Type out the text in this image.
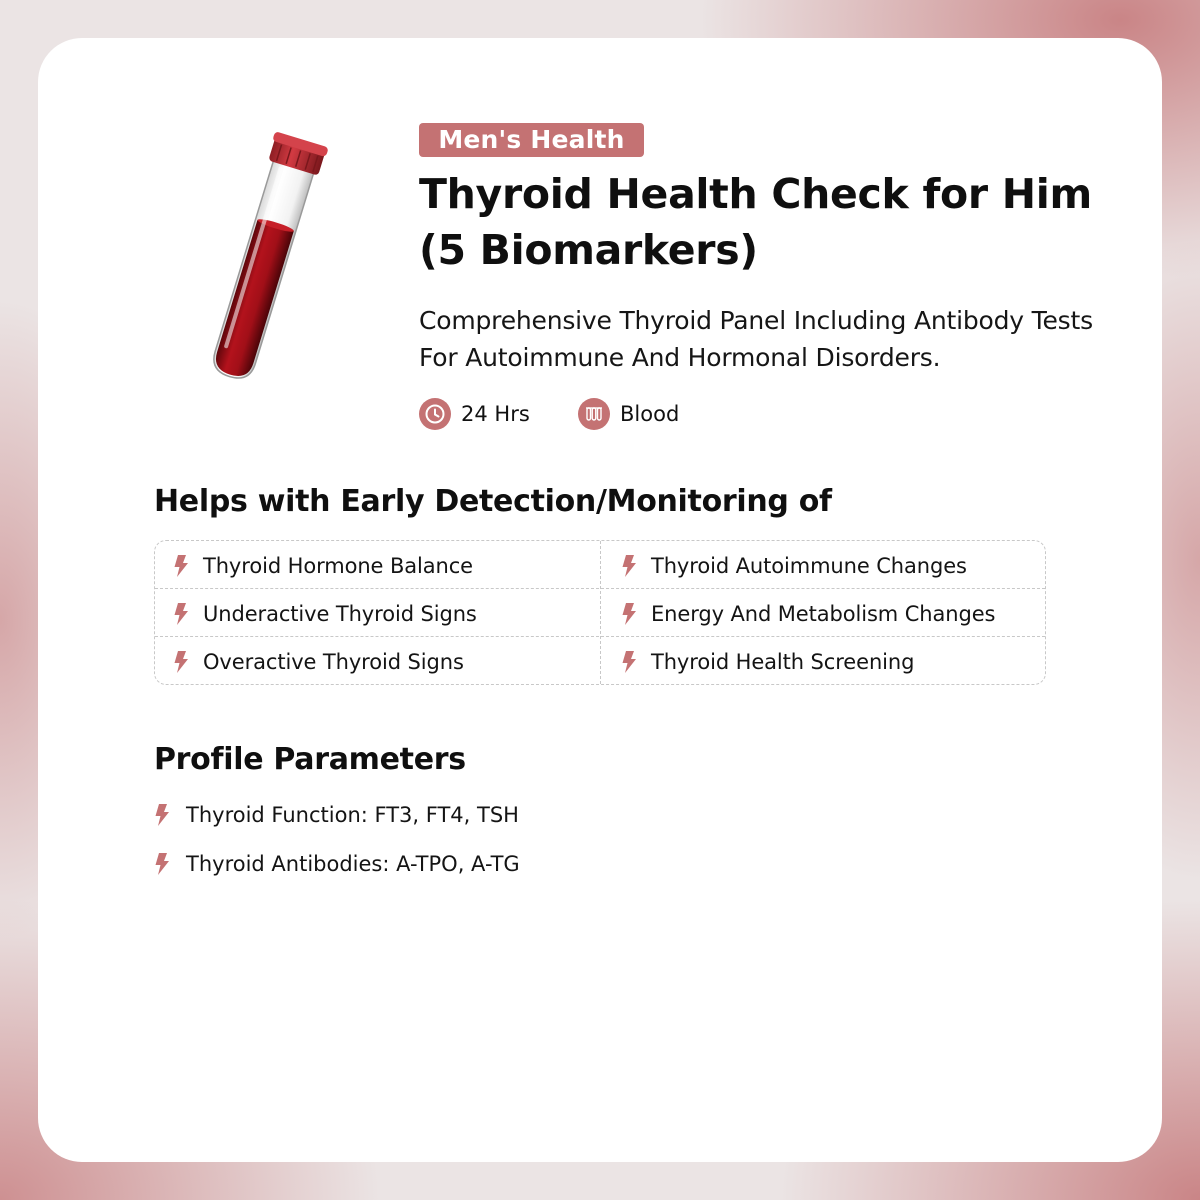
Men's Health
Thyroid Health Check for Him (5 Biomarkers)

Comprehensive Thyroid Panel Including Antibody Tests For Autoimmune And Hormonal Disorders.

24 Hrs	Blood
Helps with Early Detection/Monitoring of
Thyroid Hormone Balance	Thyroid Autoimmune Changes
Underactive Thyroid Signs	Energy And Metabolism Changes
Overactive Thyroid Signs	Thyroid Health Screening
Profile Parameters
Thyroid Function: FT3, FT4, TSH
Thyroid Antibodies: A-TPO, A-TG
